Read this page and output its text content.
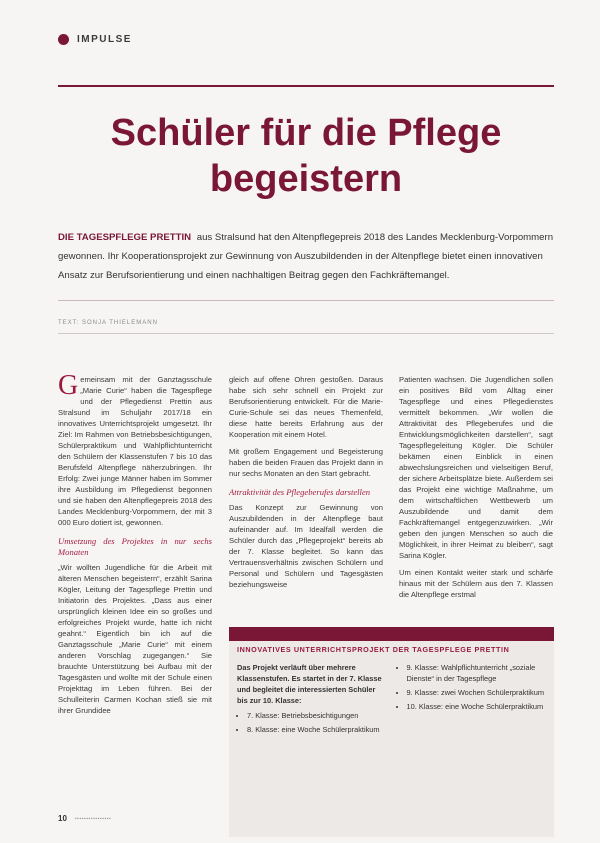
IMPULSE
Schüler für die Pflege
begeistern
DIE TAGESPFLEGE PRETTIN aus Stralsund hat den Altenpflegepreis 2018 des Landes Mecklenburg-Vorpommern gewonnen. Ihr Kooperationsprojekt zur Gewinnung von Auszubildenden in der Altenpflege bietet einen innovativen Ansatz zur Berufsorientierung und einen nachhaltigen Beitrag gegen den Fachkräftemangel.
TEXT: SONJA THIELEMANN

Gemeinsam mit der Ganztagsschule „Marie Curie“ haben die Tagespflege und der Pflegedienst Prettin aus Stralsund im Schuljahr 2017/18 ein innovatives Unterrichtsprojekt umgesetzt. Ihr Ziel: Im Rahmen von Betriebsbesichtigungen, Schülerpraktikum und Wahlpflichtunterricht den Schülern der Klassenstufen 7 bis 10 das Berufsfeld Altenpflege näherzubringen. Ihr Erfolg: Zwei junge Männer haben im Sommer ihre Ausbildung im Pflegedienst begonnen und sie haben den Altenpflegepreis 2018 des Landes Mecklenburg-Vorpommern, der mit 3 000 Euro dotiert ist, gewonnen.

Umsetzung des Projektes in nur sechs Monaten

„Wir wollten Jugendliche für die Arbeit mit älteren Menschen begeistern“, erzählt Sarina Kögler, Leitung der Tagespflege Prettin und Initiatorin des Projektes. „Dass aus einer ursprünglich kleinen Idee ein so großes und erfolgreiches Projekt wurde, hatte ich nicht geahnt.“ Eigentlich bin ich auf die Ganztagsschule „Marie Curie“ mit einem anderen Vorschlag zugegangen.“ Sie brauchte Unterstützung bei Aufbau mit der Tagesgästen und wollte mit der Schule einen Projekttag im Leben führen. Bei der Schulleiterin Carmen Kochan stieß sie mit ihrer Grundidee

gleich auf offene Ohren gestoßen. Daraus habe sich sehr schnell ein Projekt zur Berufsorientierung entwickelt. Für die Marie-Curie-Schule sei das neues Themenfeld, diese hatte bereits Erfahrung aus der Kooperation mit einem Hotel.

Mit großem Engagement und Begeisterung haben die beiden Frauen das Projekt dann in nur sechs Monaten an den Start gebracht.

Attraktivität des Pflegeberufes darstellen

Das Konzept zur Gewinnung von Auszubildenden in der Altenpflege baut aufeinander auf. Im Idealfall werden die Schüler durch das „Pflegeprojekt“ bereits ab der 7. Klasse begleitet. So kann das Vertrauensverhältnis zwischen Schülern und Personal und Schülern und Tagesgästen beziehungsweise

Patienten wachsen. Die Jugendlichen sollen ein positives Bild vom Alltag einer Tagespflege und eines Pflegedienstes vermittelt bekommen. „Wir wollen die Attraktivität des Pflegeberufes und die Entwicklungsmöglichkeiten darstellen“, sagt Tagespflegeleitung Kögler. Die Schüler bekämen einen Einblick in einen abwechslungsreichen und vielseitigen Beruf, der sichere Arbeitsplätze biete. Außerdem sei das Projekt eine wichtige Maßnahme, um dem wirtschaftlichen Wettbewerb um Auszubildende und damit dem Fachkräftemangel entgegenzuwirken. „Wir geben den jungen Menschen so auch die Möglichkeit, in ihrer Heimat zu bleiben“, sagt Sarina Kögler.

Um einen Kontakt weiter stark und schärfe hinaus mit der Schülern aus den 7. Klassen die Altenpflege erstmal

INNOVATIVES UNTERRICHTSPROJEKT DER TAGESPFLEGE PRETTIN
Das Projekt verläuft über mehrere Klassenstufen. Es startet in der 7. Klasse und begleitet die interessierten Schüler bis zur 10. Klasse:
• 7. Klasse: Betriebsbesichtigungen
• 8. Klasse: eine Woche Schülerpraktikum
• 9. Klasse: Wahlpflichtunterricht „soziale Dienste“ in der Tagespflege
• 9. Klasse: zwei Wochen Schülerpraktikum
• 10. Klasse: eine Woche Schülerpraktikum
10 ▪▪▪▪▪▪▪▪▪▪▪▪▪▪▪▪
